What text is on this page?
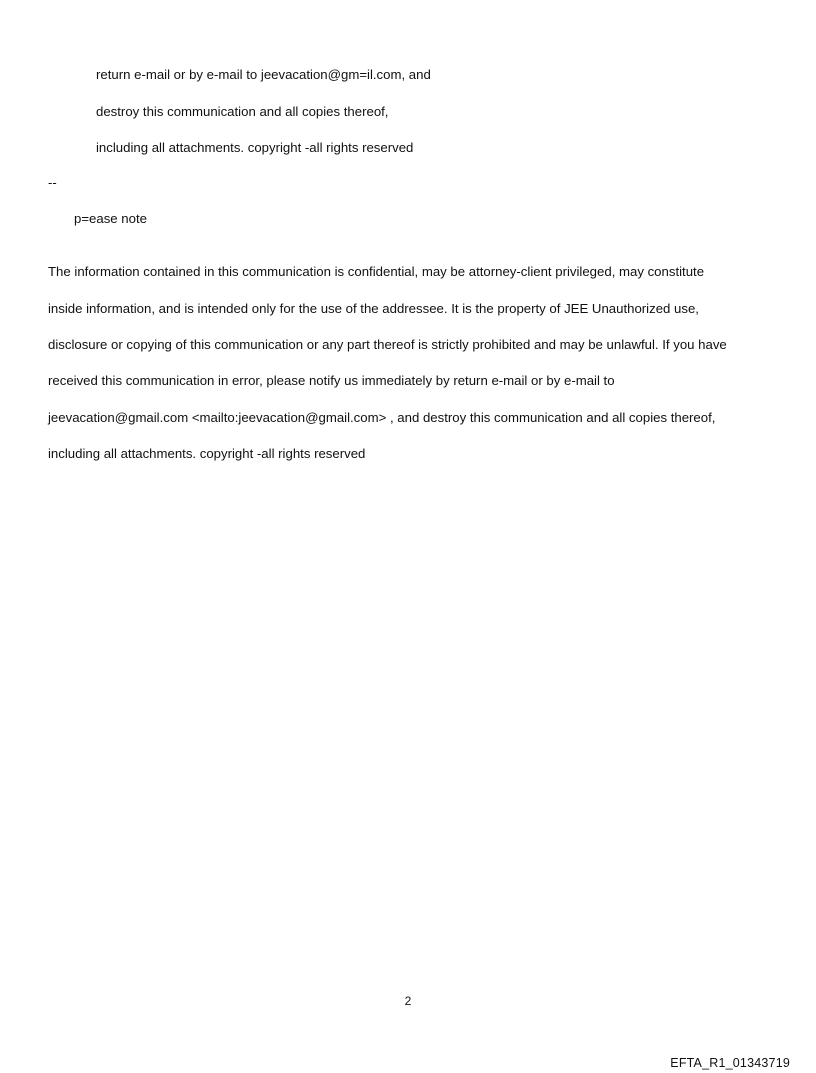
return e-mail or by e-mail to jeevacation@gm=il.com, and

destroy this communication and all copies thereof,

including all attachments. copyright -all rights reserved

--
p=ease note

The information contained in this communication is confidential, may be attorney-client privileged, may constitute

inside information, and is intended only for the use of the addressee. It is the property of JEE Unauthorized use,

disclosure or copying of this communication or any part thereof is strictly prohibited and may be unlawful. If you have

received this communication in error, please notify us immediately by return e-mail or by e-mail to

jeevacation@gmail.com <mailto:jeevacation@gmail.com> , and destroy this communication and all copies thereof,

including all attachments. copyright -all rights reserved

2
EFTA_R1_01343719
